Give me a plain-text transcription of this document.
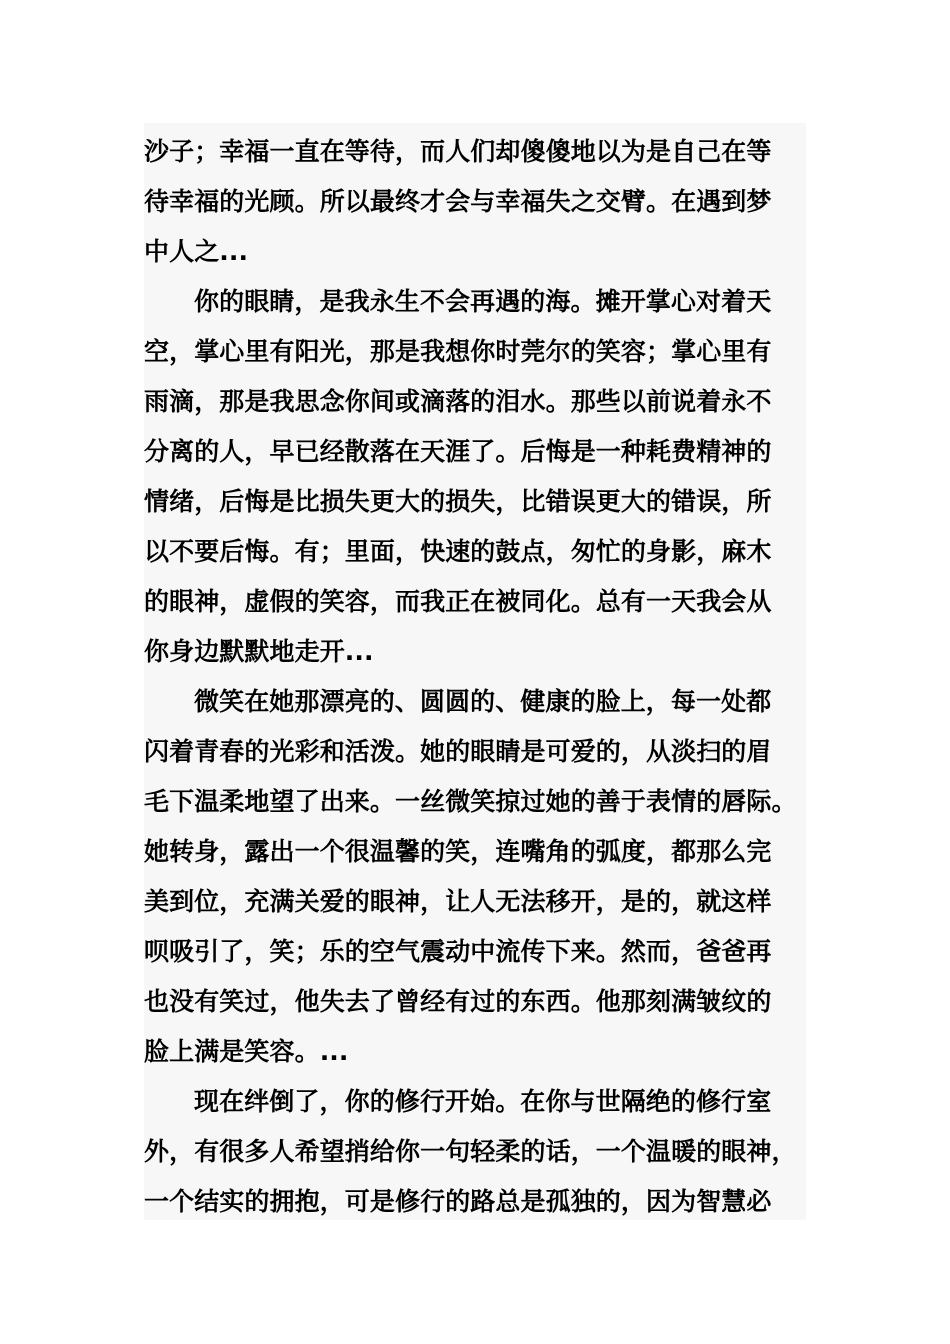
沙子；幸福一直在等待，而人们却傻傻地以为是自己在等
待幸福的光顾。所以最终才会与幸福失之交臂。在遇到梦
中人之...
你的眼睛，是我永生不会再遇的海。摊开掌心对着天
空，掌心里有阳光，那是我想你时莞尔的笑容；掌心里有
雨滴，那是我思念你间或滴落的泪水。那些以前说着永不
分离的人，早已经散落在天涯了。后悔是一种耗费精神的
情绪，后悔是比损失更大的损失，比错误更大的错误，所
以不要后悔。有；里面，快速的鼓点，匆忙的身影，麻木
的眼神，虚假的笑容，而我正在被同化。总有一天我会从
你身边默默地走开...
微笑在她那漂亮的、圆圆的、健康的脸上，每一处都
闪着青春的光彩和活泼。她的眼睛是可爱的，从淡扫的眉
毛下温柔地望了出来。一丝微笑掠过她的善于表情的唇际。
她转身，露出一个很温馨的笑，连嘴角的弧度，都那么完
美到位，充满关爱的眼神，让人无法移开，是的，就这样
呗吸引了，笑；乐的空气震动中流传下来。然而，爸爸再
也没有笑过，他失去了曾经有过的东西。他那刻满皱纹的
脸上满是笑容。...
现在绊倒了，你的修行开始。在你与世隔绝的修行室
外，有很多人希望捎给你一句轻柔的话，一个温暖的眼神，
一个结实的拥抱，可是修行的路总是孤独的，因为智慧必
